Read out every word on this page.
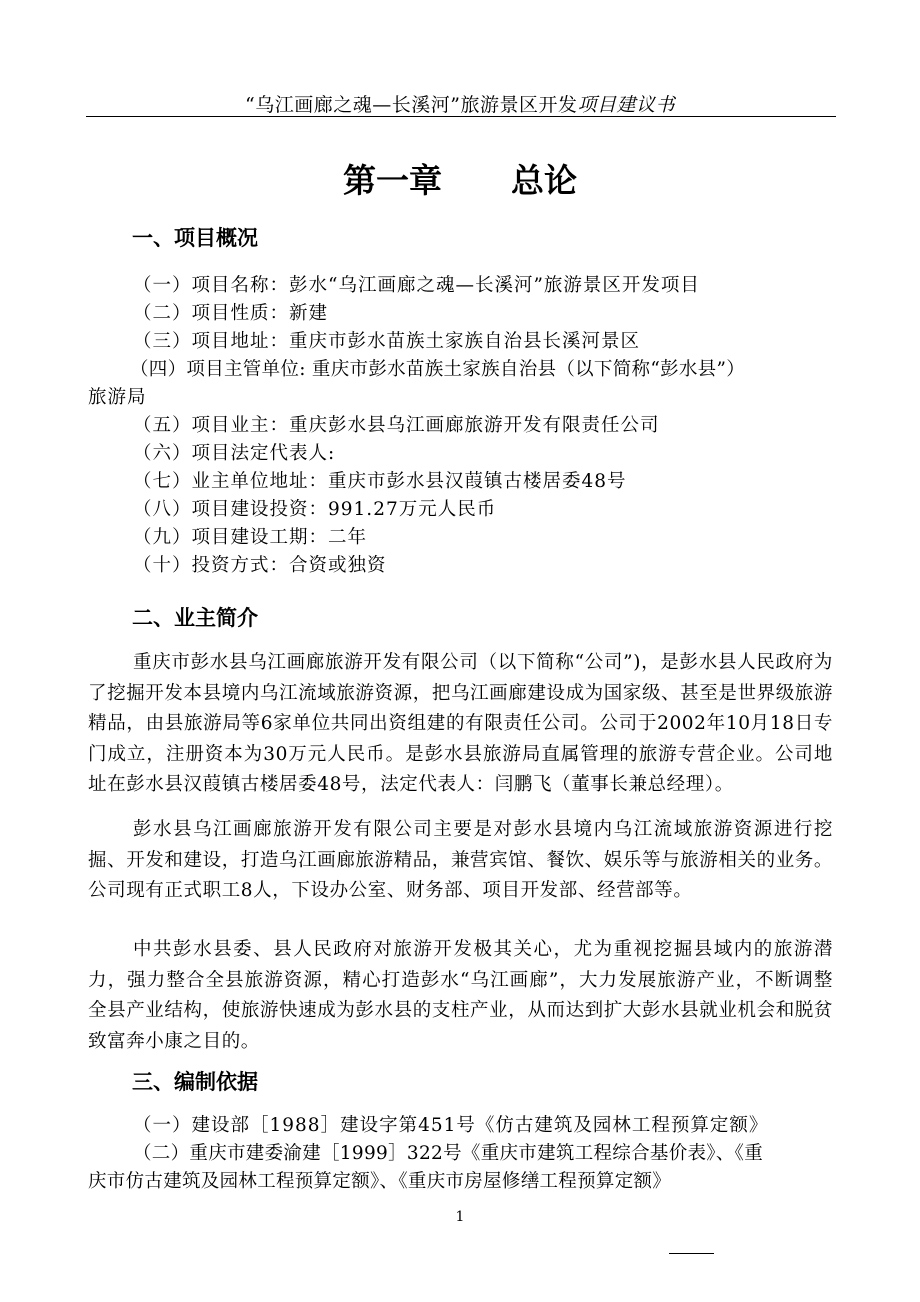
“乌江画廊之魂—长溪河”旅游景区开发项目建议书
第一章      总论
一、项目概况
（一）项目名称：彭水“乌江画廊之魂—长溪河”旅游景区开发项目
（二）项目性质：新建
（三）项目地址：重庆市彭水苗族土家族自治县长溪河景区
（四）项目主管单位: 重庆市彭水苗族土家族自治县（以下简称“彭水县”）
旅游局
（五）项目业主：重庆彭水县乌江画廊旅游开发有限责任公司
（六）项目法定代表人:
（七）业主单位地址：重庆市彭水县汉葭镇古楼居委48号
（八）项目建设投资：991.27万元人民币
（九）项目建设工期：二年
（十）投资方式：合资或独资
二、业主简介
重庆市彭水县乌江画廊旅游开发有限公司（以下简称“公司”)，是彭水县人民政府为了挖掘开发本县境内乌江流域旅游资源，把乌江画廊建设成为国家级、甚至是世界级旅游精品，由县旅游局等6家单位共同出资组建的有限责任公司。公司于2002年10月18日专门成立，注册资本为30万元人民币。是彭水县旅游局直属管理的旅游专营企业。公司地址在彭水县汉葭镇古楼居委48号，法定代表人：闫鹏飞（董事长兼总经理）。
彭水县乌江画廊旅游开发有限公司主要是对彭水县境内乌江流域旅游资源进行挖掘、开发和建设，打造乌江画廊旅游精品，兼营宾馆、餐饮、娱乐等与旅游相关的业务。公司现有正式职工8人，下设办公室、财务部、项目开发部、经营部等。
中共彭水县委、县人民政府对旅游开发极其关心，尤为重视挖掘县域内的旅游潜力，强力整合全县旅游资源，精心打造彭水“乌江画廊”，大力发展旅游产业，不断调整全县产业结构，使旅游快速成为彭水县的支柱产业，从而达到扩大彭水县就业机会和脱贫致富奔小康之目的。
三、编制依据
（一）建设部［1988］建设字第451号《仿古建筑及园林工程预算定额》
（二）重庆市建委渝建［1999］322号《重庆市建筑工程综合基价表》、《重
庆市仿古建筑及园林工程预算定额》、《重庆市房屋修缮工程预算定额》
1
